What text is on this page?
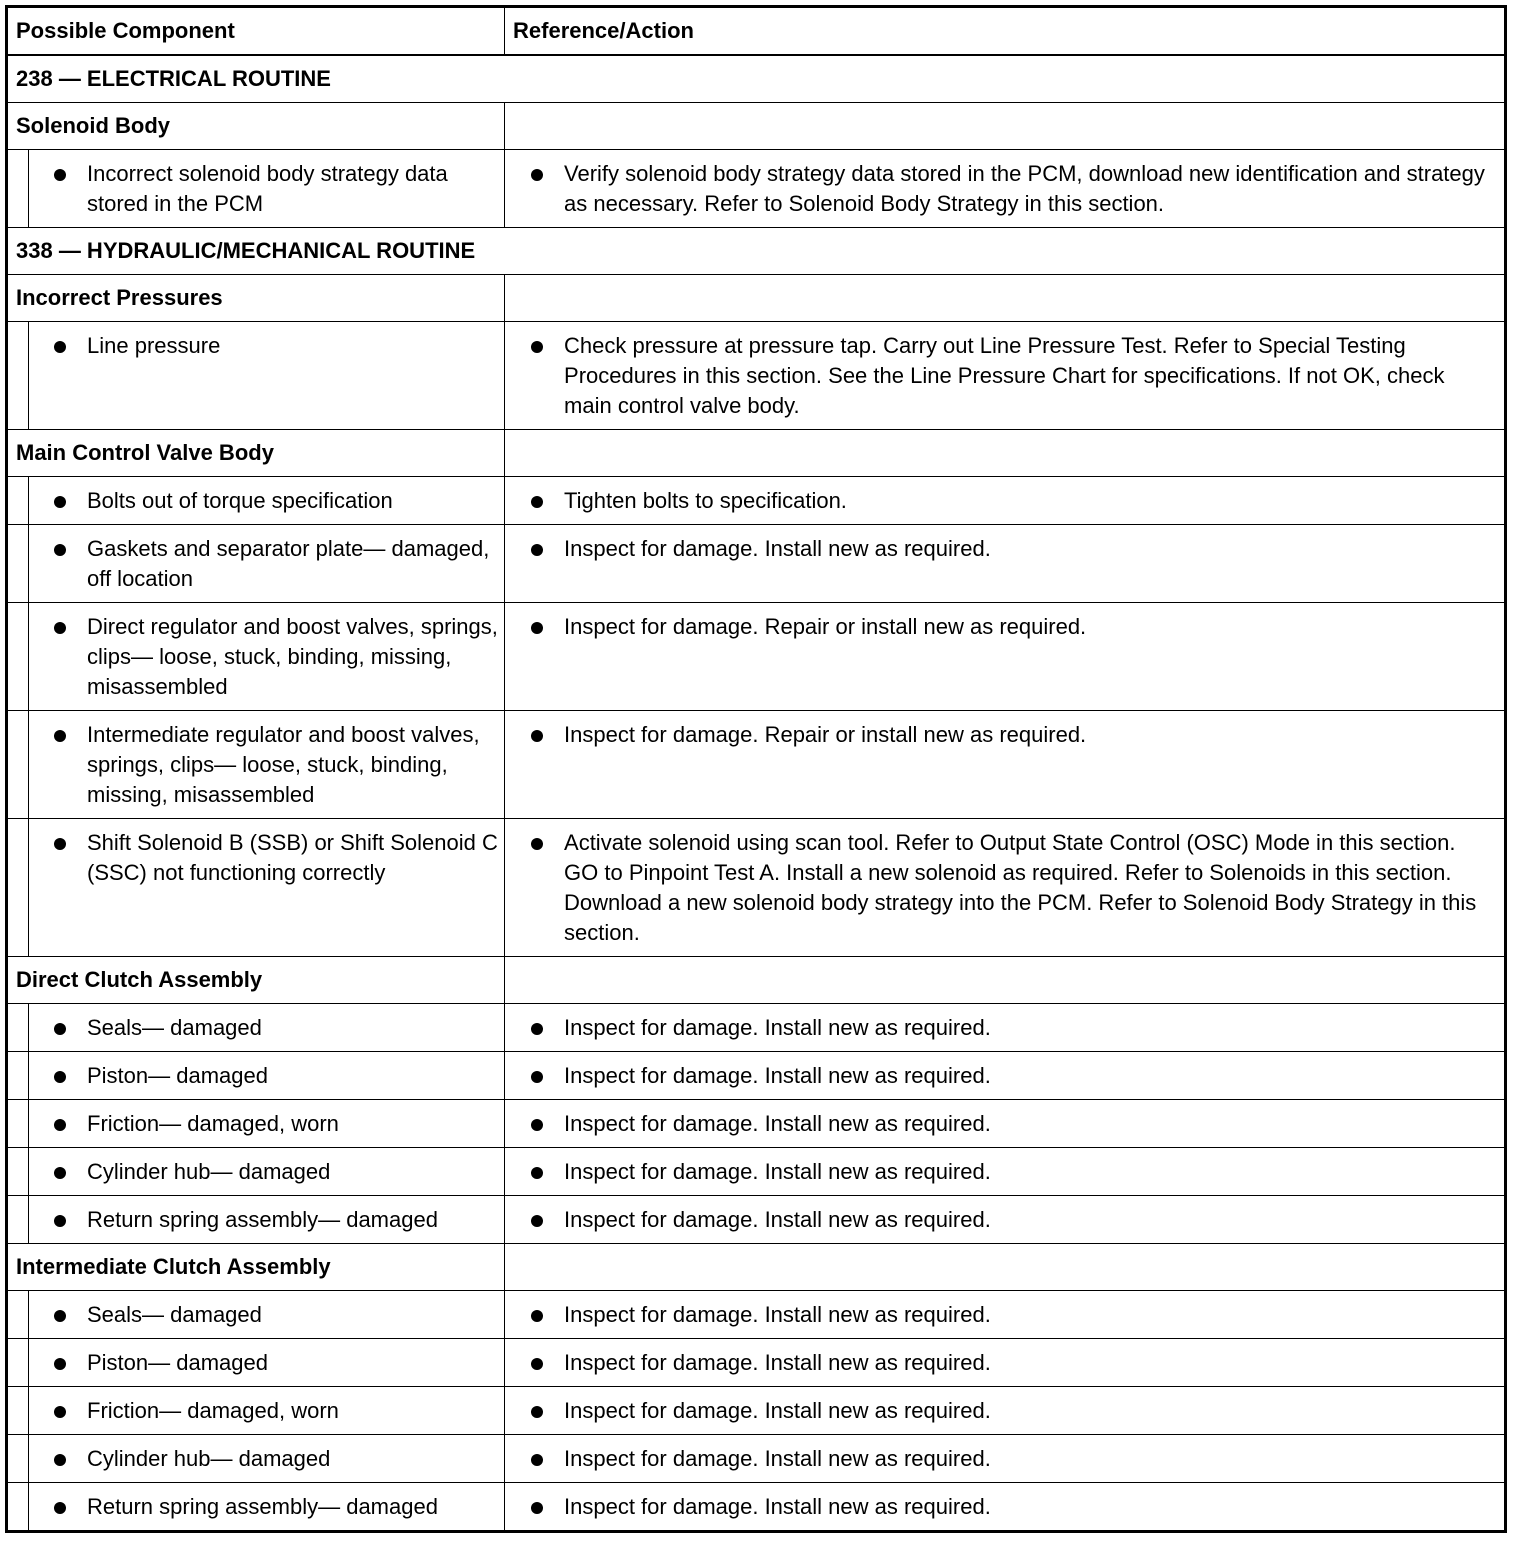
Possible Component		Reference/Action
238 — ELECTRICAL ROUTINE		
Solenoid Body		

	Incorrect solenoid body strategy data stored in the PCM	Verify solenoid body strategy data stored in the PCM, download new identification and strategy as necessary. Refer to Solenoid Body Strategy in this section.

338 — HYDRAULIC/MECHANICAL ROUTINE		
Incorrect Pressures		

	Line pressure	Check pressure at pressure tap. Carry out Line Pressure Test. Refer to Special Testing Procedures in this section. See the Line Pressure Chart for specifications. If not OK, check main control valve body.

Main Control Valve Body		

	Bolts out of torque specification	Tighten bolts to specification.

	Gaskets and separator plate— damaged, off location	Inspect for damage. Install new as required.

	Direct regulator and boost valves, springs, clips— loose, stuck, binding, missing, misassembled	Inspect for damage. Repair or install new as required.

	Intermediate regulator and boost valves, springs, clips— loose, stuck, binding, missing, misassembled	Inspect for damage. Repair or install new as required.

	Shift Solenoid B (SSB) or Shift Solenoid C (SSC) not functioning correctly	Activate solenoid using scan tool. Refer to Output State Control (OSC) Mode in this section. GO to Pinpoint Test A. Install a new solenoid as required. Refer to Solenoids in this section. Download a new solenoid body strategy into the PCM. Refer to Solenoid Body Strategy in this section.

Direct Clutch Assembly		

	Seals— damaged	Inspect for damage. Install new as required.

	Piston— damaged	Inspect for damage. Install new as required.

	Friction— damaged, worn	Inspect for damage. Install new as required.

	Cylinder hub— damaged	Inspect for damage. Install new as required.

	Return spring assembly— damaged	Inspect for damage. Install new as required.

Intermediate Clutch Assembly		

	Seals— damaged	Inspect for damage. Install new as required.

	Piston— damaged	Inspect for damage. Install new as required.

	Friction— damaged, worn	Inspect for damage. Install new as required.

	Cylinder hub— damaged	Inspect for damage. Install new as required.

	Return spring assembly— damaged	Inspect for damage. Install new as required.
